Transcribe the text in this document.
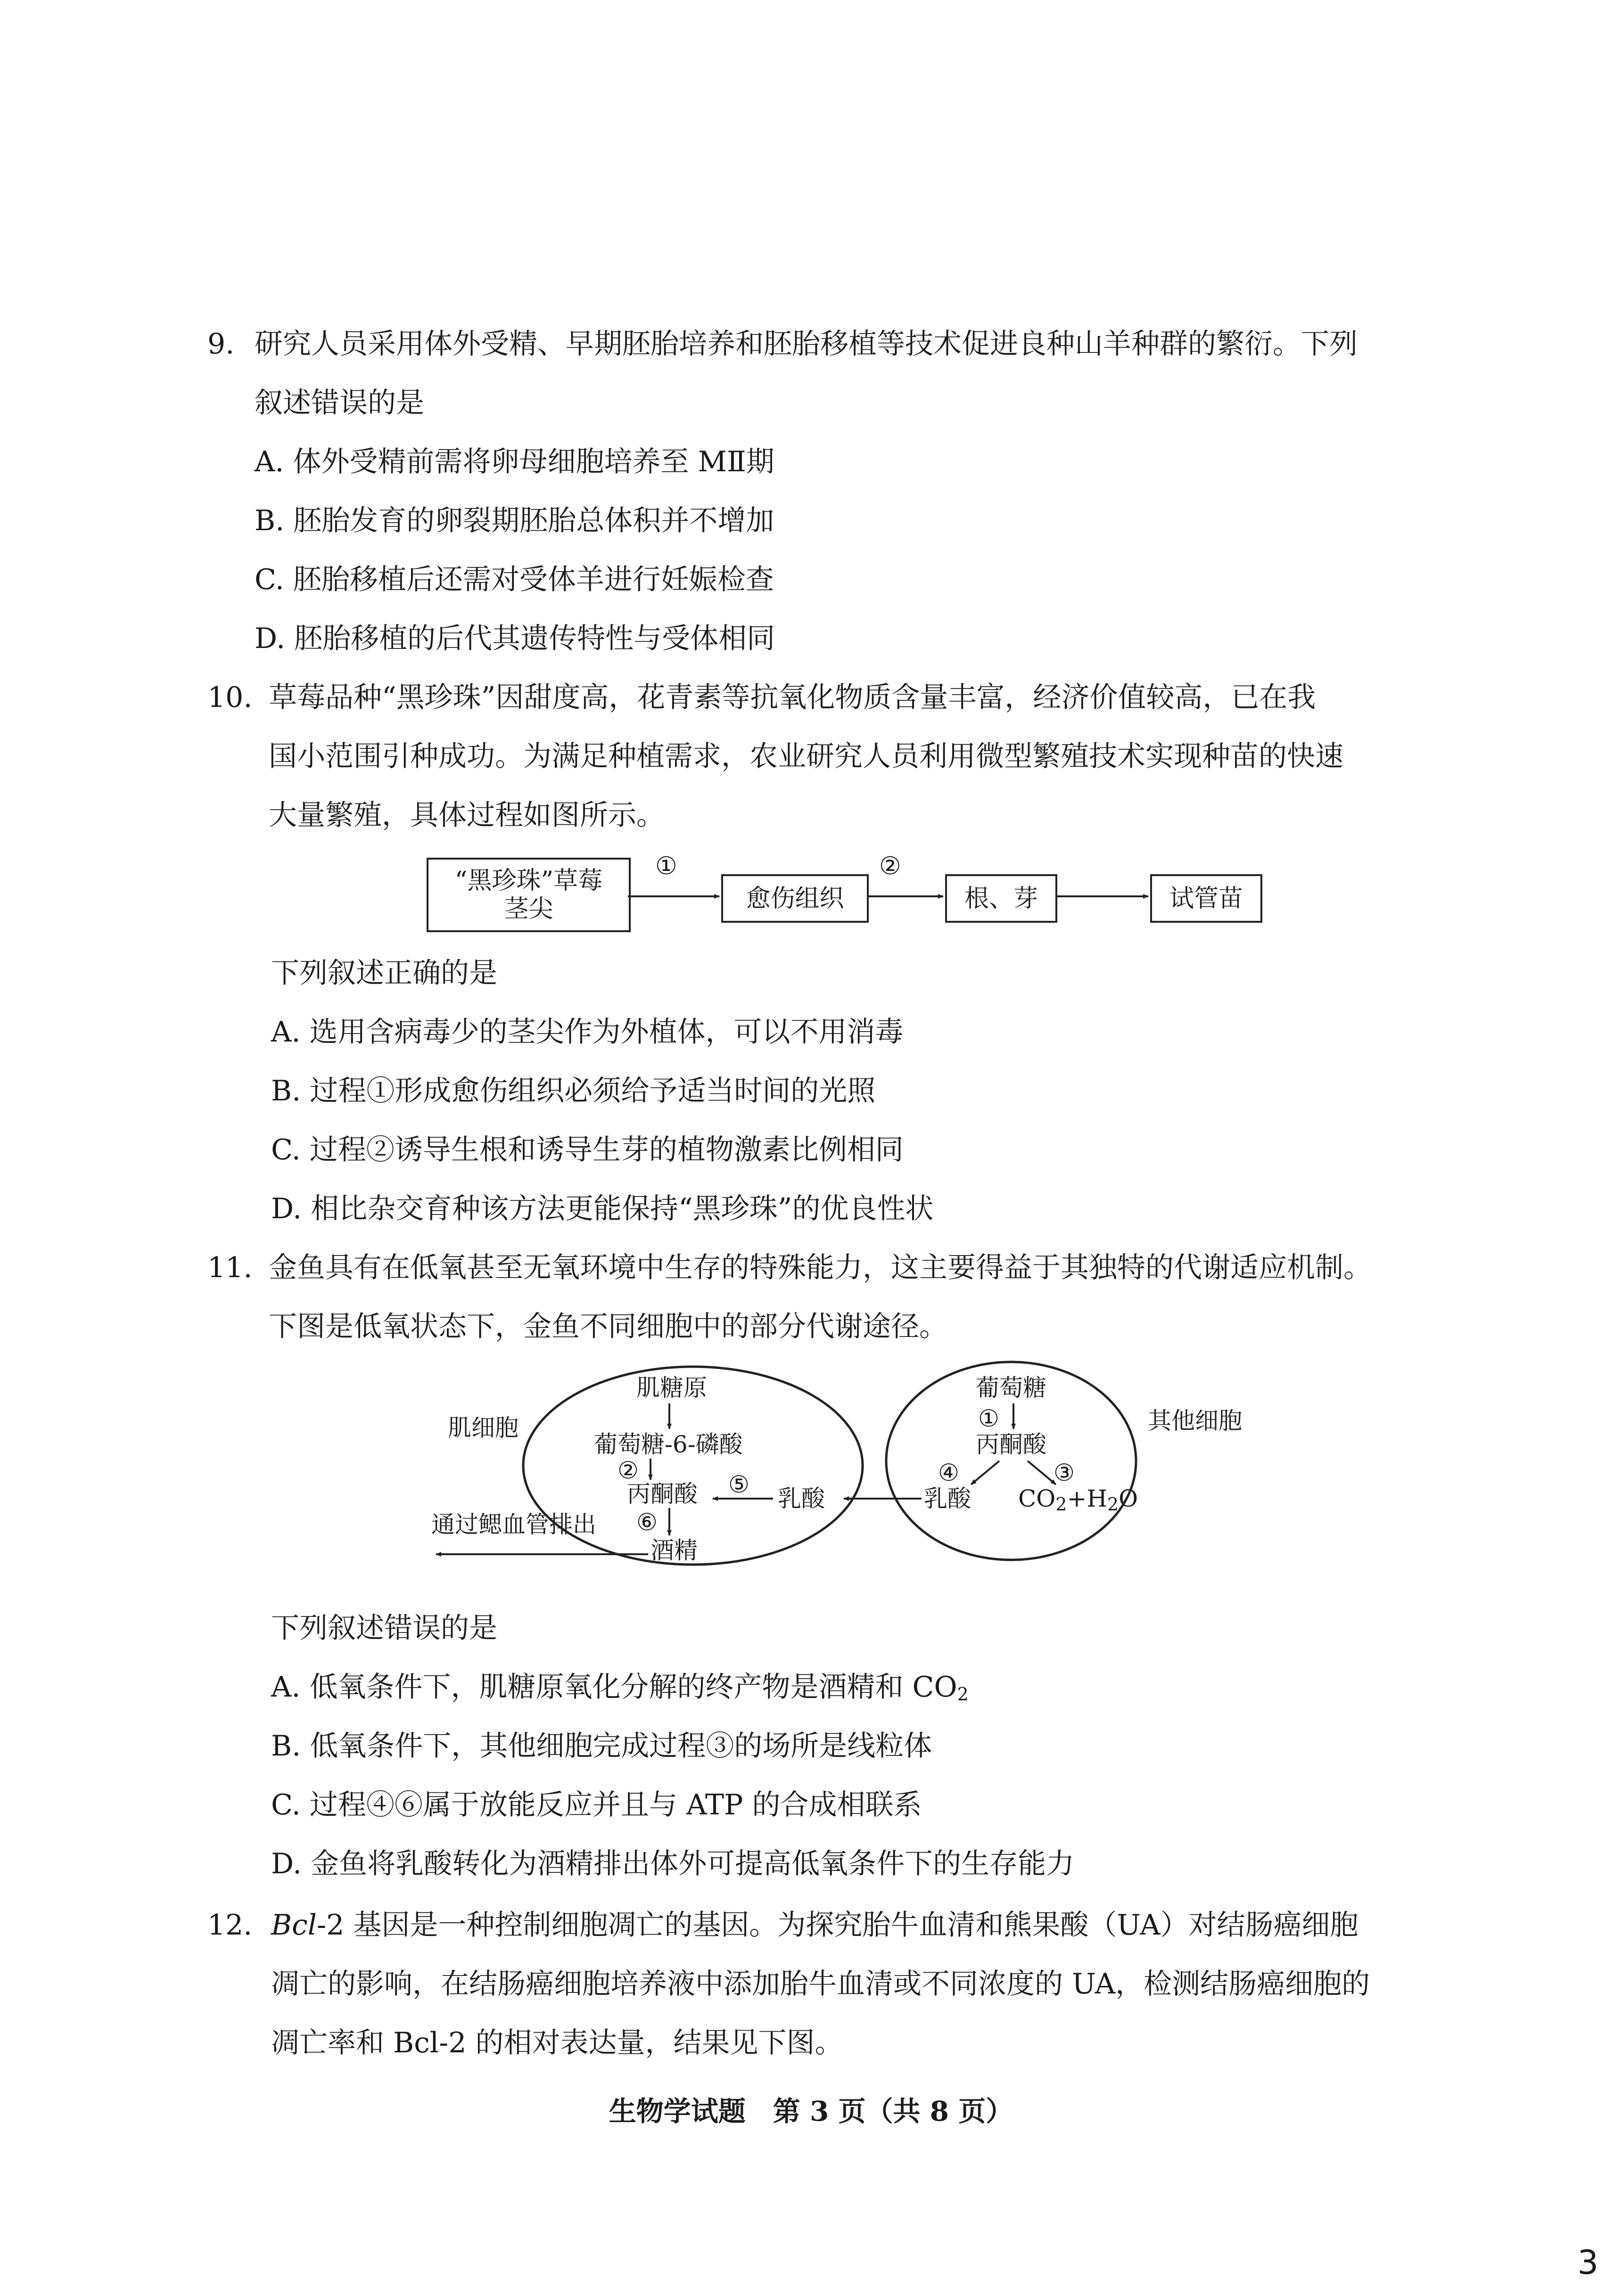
9. 研究人员采用体外受精、早期胚胎培养和胚胎移植等技术促进良种山羊种群的繁衍。下列
叙述错误的是
A. 体外受精前需将卵母细胞培养至 MⅡ期
B. 胚胎发育的卵裂期胚胎总体积并不增加
C. 胚胎移植后还需对受体羊进行妊娠检查
D. 胚胎移植的后代其遗传特性与受体相同
10. 草莓品种“黑珍珠”因甜度高，花青素等抗氧化物质含量丰富，经济价值较高，已在我
国小范围引种成功。为满足种植需求，农业研究人员利用微型繁殖技术实现种苗的快速
大量繁殖，具体过程如图所示。
“黑珍珠”草莓
茎尖
①
愈伤组织
②
根、芽	试管苗
下列叙述正确的是
A. 选用含病毒少的茎尖作为外植体，可以不用消毒
B. 过程①形成愈伤组织必须给予适当时间的光照
C. 过程②诱导生根和诱导生芽的植物激素比例相同
D. 相比杂交育种该方法更能保持“黑珍珠”的优良性状
11. 金鱼具有在低氧甚至无氧环境中生存的特殊能力，这主要得益于其独特的代谢适应机制。
下图是低氧状态下，金鱼不同细胞中的部分代谢途径。
肌细胞	其他细胞
肌糖原
葡萄糖-6-磷酸
②
丙酮酸 ⑤
乳酸
⑥
酒精
通过鳃血管排出
葡萄糖
①
丙酮酸
④	③
乳酸 $CO_2+H_2O$
下列叙述错误的是
A. 低氧条件下，肌糖原氧化分解的终产物是酒精和 $CO_2$
B. 低氧条件下，其他细胞完成过程③的场所是线粒体
C. 过程④⑥属于放能反应并且与 ATP 的合成相联系
D. 金鱼将乳酸转化为酒精排出体外可提高低氧条件下的生存能力
12. Bcl-2 基因是一种控制细胞凋亡的基因。为探究胎牛血清和熊果酸（UA）对结肠癌细胞
凋亡的影响，在结肠癌细胞培养液中添加胎牛血清或不同浓度的 UA，检测结肠癌细胞的
凋亡率和 Bcl-2 的相对表达量，结果见下图。
生物学试题　第 3 页（共 8 页）
3
